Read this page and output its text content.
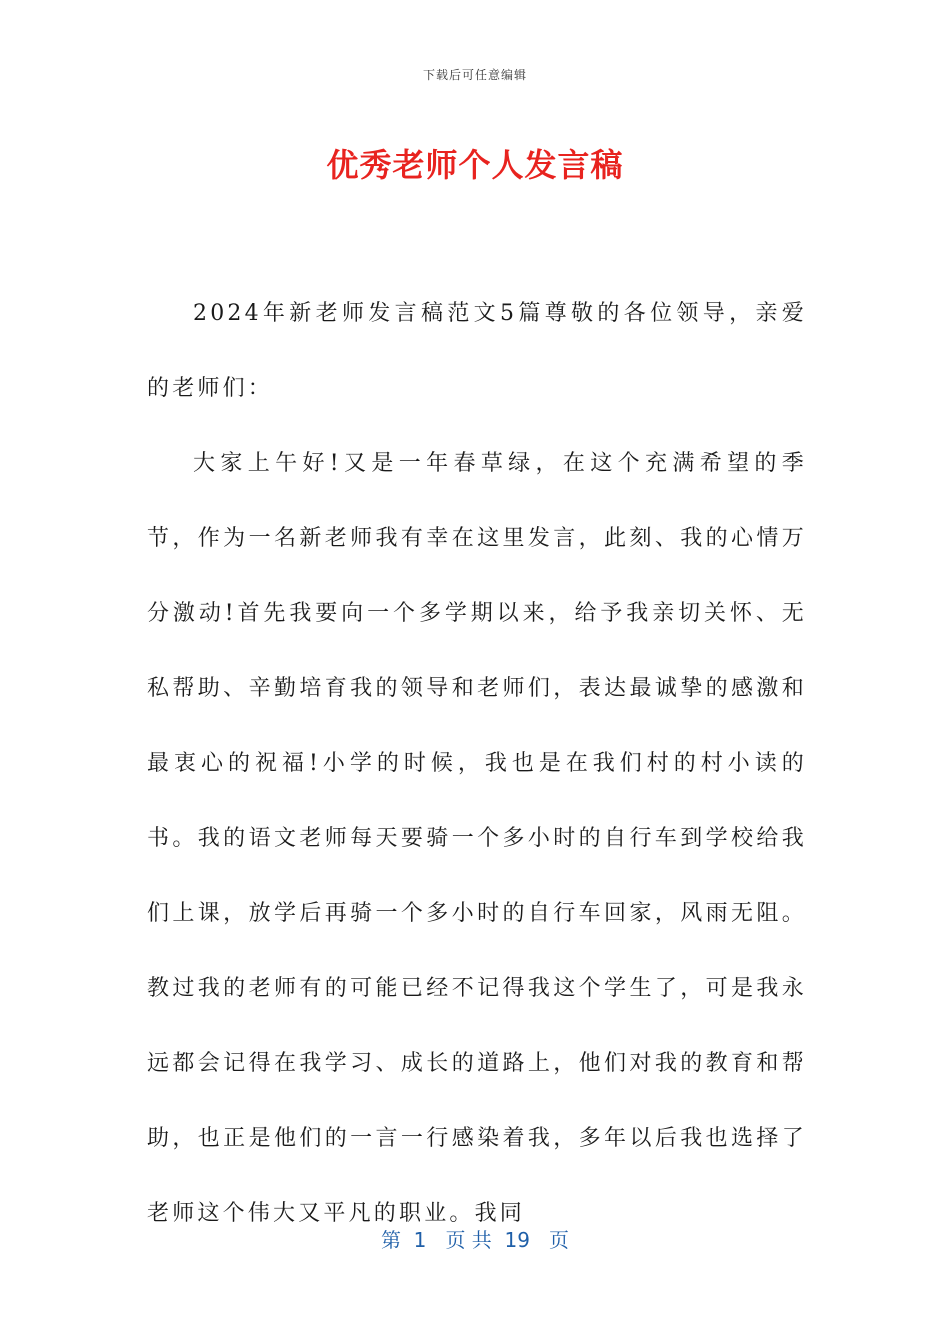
下载后可任意编辑
优秀老师个人发言稿

2024年新老师发言稿范文5篇尊敬的各位领导，亲爱的老师们：

大家上午好!又是一年春草绿，在这个充满希望的季节，作为一名新老师我有幸在这里发言，此刻、我的心情万分激动!首先我要向一个多学期以来，给予我亲切关怀、无私帮助、辛勤培育我的领导和老师们，表达最诚挚的感激和最衷心的祝福!小学的时候，我也是在我们村的村小读的书。我的语文老师每天要骑一个多小时的自行车到学校给我们上课，放学后再骑一个多小时的自行车回家，风雨无阻。教过我的老师有的可能已经不记得我这个学生了，可是我永远都会记得在我学习、成长的道路上，他们对我的教育和帮助，也正是他们的一言一行感染着我，多年以后我也选择了老师这个伟大又平凡的职业。我同

第  1   页 共  19   页
